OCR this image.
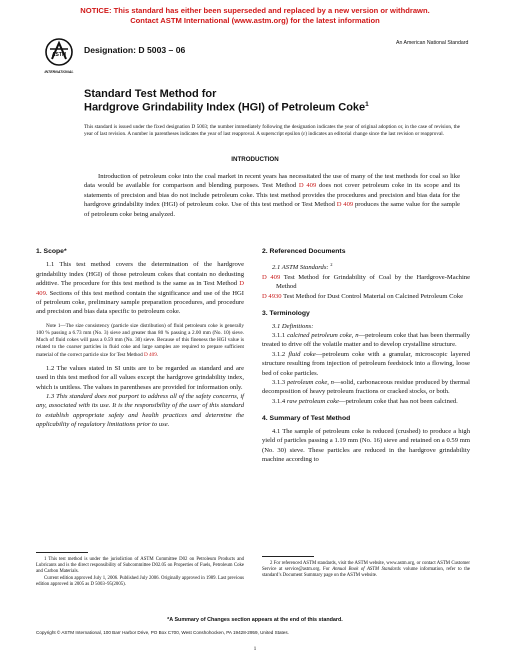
NOTICE: This standard has either been superseded and replaced by a new version or withdrawn.
Contact ASTM International (www.astm.org) for the latest information
ASTM
INTERNATIONAL
Designation: D 5003 – 06
An American National Standard
Standard Test Method for
Hardgrove Grindability Index (HGI) of Petroleum Coke$^1$
This standard is issued under the fixed designation D 5003; the number immediately following the designation indicates the year of original adoption or, in the case of revision, the year of last revision. A number in parentheses indicates the year of last reapproval. A superscript epsilon (ε) indicates an editorial change since the last revision or reapproval.
INTRODUCTION
Introduction of petroleum coke into the coal market in recent years has necessitated the use of many of the test methods for coal so like data would be available for comparison and blending purposes. Test Method D 409 does not cover petroleum coke in its scope and its statements of precision and bias do not include petroleum coke. This test method provides the procedures and precision and bias data for the hardgrove grindability index (HGI) of petroleum coke. Use of this test method or Test Method D 409 produces the same value for the sample of petroleum coke being analyzed.

1. Scope*

1.1 This test method covers the determination of the hardgrove grindability index (HGI) of those petroleum cokes that contain no dedusting additive. The procedure for this test method is the same as in Test Method D 409. Sections of this test method contain the significance and use of the HGI of petroleum coke, preliminary sample preparation procedures, and procedure and precision and bias data specific to petroleum coke.

Note 1—The size consistency (particle size distribution) of fluid petroleum coke is generally 100 % passing a 6.73 mm (No. 3) sieve and greater than 80 % passing a 2.00 mm (No. 10) sieve. Much of fluid cokes will pass a 0.59 mm (No. 30) sieve. Because of this fineness the HGI value is related to the coarser particles in fluid coke and large samples are required to prepare sufficient material of the correct particle size for Test Method D 409.

1.2 The values stated in SI units are to be regarded as standard and are used in this test method for all values except the hardgrove grindability index, which is unitless. The values in parentheses are provided for information only.

1.3 This standard does not purport to address all of the safety concerns, if any, associated with its use. It is the responsibility of the user of this standard to establish appropriate safety and health practices and determine the applicability of regulatory limitations prior to use.

1 This test method is under the jurisdiction of ASTM Committee D02 on Petroleum Products and Lubricants and is the direct responsibility of Subcommittee D02.05 on Properties of Fuels, Petroleum Coke and Carbon Materials.

Current edition approved July 1, 2006. Published July 2006. Originally approved in 1989. Last previous edition approved in 2005 as D 5003–95(2005).

2. Referenced Documents

2.1 ASTM Standards: $^2$

D 409 Test Method for Grindability of Coal by the Hardgrove-Machine Method

D 4930 Test Method for Dust Control Material on Calcined Petroleum Coke

3. Terminology

3.1 Definitions:

3.1.1 calcined petroleum coke, n—petroleum coke that has been thermally treated to drive off the volatile matter and to develop crystalline structure.

3.1.2 fluid coke—petroleum coke with a granular, microscopic layered structure resulting from injection of petroleum feedstock into a flowing, loose bed of coke particles.

3.1.3 petroleum coke, n—solid, carbonaceous residue produced by thermal decomposition of heavy petroleum fractions or cracked stocks, or both.

3.1.4 raw petroleum coke—petroleum coke that has not been calcined.

4. Summary of Test Method

4.1 The sample of petroleum coke is reduced (crushed) to produce a high yield of particles passing a 1.19 mm (No. 16) sieve and retained on a 0.59 mm (No. 30) sieve. These particles are reduced in the hardgrove grindability machine according to

2 For referenced ASTM standards, visit the ASTM website, www.astm.org, or contact ASTM Customer Service at service@astm.org. For Annual Book of ASTM Standards volume information, refer to the standard’s Document Summary page on the ASTM website.

*A Summary of Changes section appears at the end of this standard.
Copyright © ASTM International, 100 Barr Harbor Drive, PO Box C700, West Conshohocken, PA 19428-2959, United States.
1
